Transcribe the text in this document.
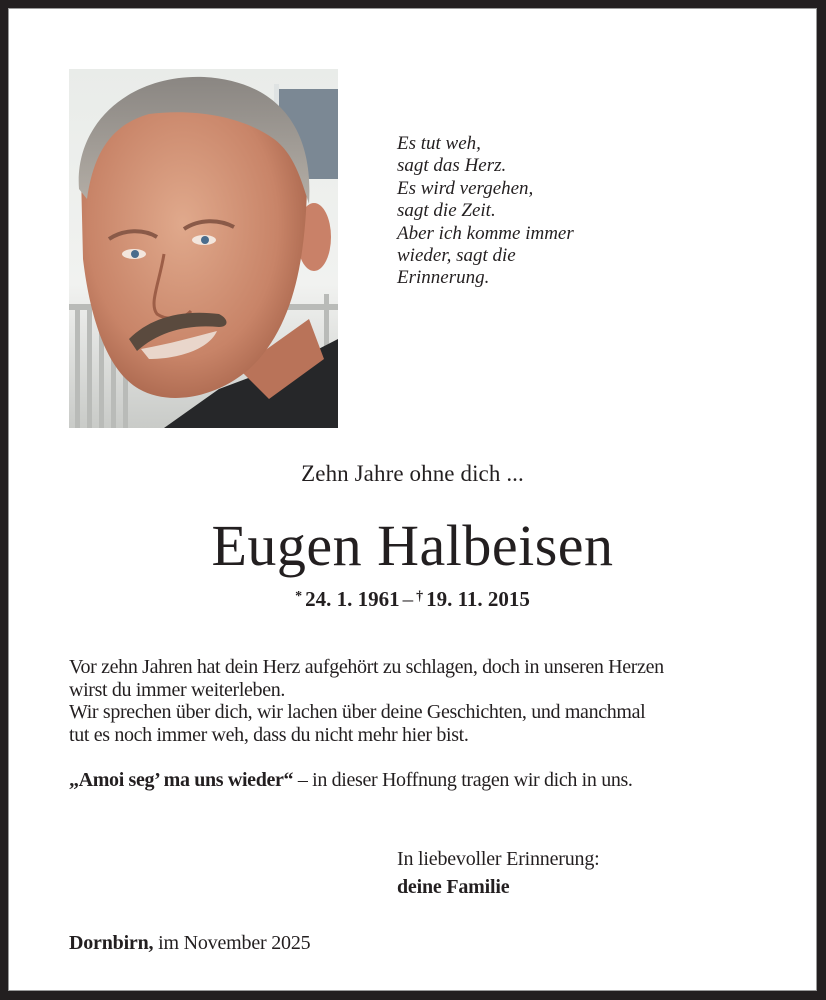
Es tut weh,
sagt das Herz.
Es wird vergehen,
sagt die Zeit.
Aber ich komme immer
wieder, sagt die
Erinnerung.
Zehn Jahre ohne dich ...
Eugen Halbeisen
* 24. 1. 1961 – † 19. 11. 2015
Vor zehn Jahren hat dein Herz aufgehört zu schlagen, doch in unseren Herzen
wirst du immer weiterleben.
Wir sprechen über dich, wir lachen über deine Geschichten, und manchmal
tut es noch immer weh, dass du nicht mehr hier bist.
„Amoi seg’ ma uns wieder“ – in dieser Hoffnung tragen wir dich in uns.
In liebevoller Erinnerung:
deine Familie
Dornbirn, im November 2025
